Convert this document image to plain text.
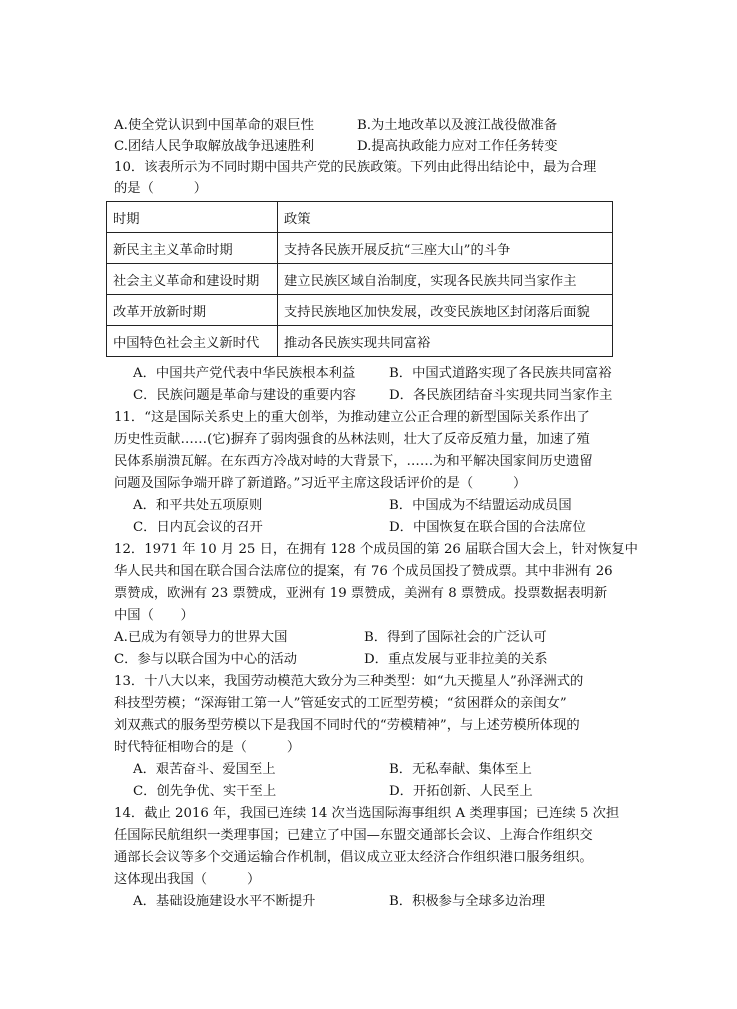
A.使全党认识到中国革命的艰巨性	B.为土地改革以及渡江战役做准备
C.团结人民争取解放战争迅速胜利	D.提高执政能力应对工作任务转变
10．该表所示为不同时期中国共产党的民族政策。下列由此得出结论中，最为合理
的是（　　　）
时期	政策
新民主主义革命时期	支持各民族开展反抗“三座大山”的斗争
社会主义革命和建设时期	建立民族区域自治制度，实现各民族共同当家作主
改革开放新时期	支持民族地区加快发展，改变民族地区封闭落后面貌
中国特色社会主义新时代	推动各民族实现共同富裕
A．中国共产党代表中华民族根本利益	B．中国式道路实现了各民族共同富裕
C．民族问题是革命与建设的重要内容 D．各民族团结奋斗实现共同当家作主
11．“这是国际关系史上的重大创举，为推动建立公正合理的新型国际关系作出了
历史性贡献……(它)摒弃了弱肉强食的丛林法则，壮大了反帝反殖力量，加速了殖
民体系崩溃瓦解。在东西方冷战对峙的大背景下，……为和平解决国家间历史遗留
问题及国际争端开辟了新道路。”习近平主席这段话评价的是（　　　）
A．和平共处五项原则	B．中国成为不结盟运动成员国
C．日内瓦会议的召开	D．中国恢复在联合国的合法席位
12．1971 年 10 月 25 日，在拥有 128 个成员国的第 26 届联合国大会上，针对恢复中
华人民共和国在联合国合法席位的提案，有 76 个成员国投了赞成票。其中非洲有 26
票赞成，欧洲有 23 票赞成，亚洲有 19 票赞成，美洲有 8 票赞成。投票数据表明新
中国（　　）
A.已成为有领导力的世界大国	B．得到了国际社会的广泛认可
C．参与以联合国为中心的活动	D．重点发展与亚非拉美的关系
13．十八大以来，我国劳动模范大致分为三种类型：如“九天揽星人”孙泽洲式的
科技型劳模；“深海钳工第一人”管延安式的工匠型劳模；“贫困群众的亲闺女”
刘双燕式的服务型劳模以下是我国不同时代的“劳模精神”，与上述劳模所体现的
时代特征相吻合的是（　　　）
A．艰苦奋斗、爱国至上	B．无私奉献、集体至上
C．创先争优、实干至上	D．开拓创新、人民至上
14．截止 2016 年，我国已连续 14 次当选国际海事组织 A 类理事国；已连续 5 次担
任国际民航组织一类理事国；已建立了中国—东盟交通部长会议、上海合作组织交
通部长会议等多个交通运输合作机制，倡议成立亚太经济合作组织港口服务组织。
这体现出我国（　　　）
A．基础设施建设水平不断提升	B．积极参与全球多边治理
